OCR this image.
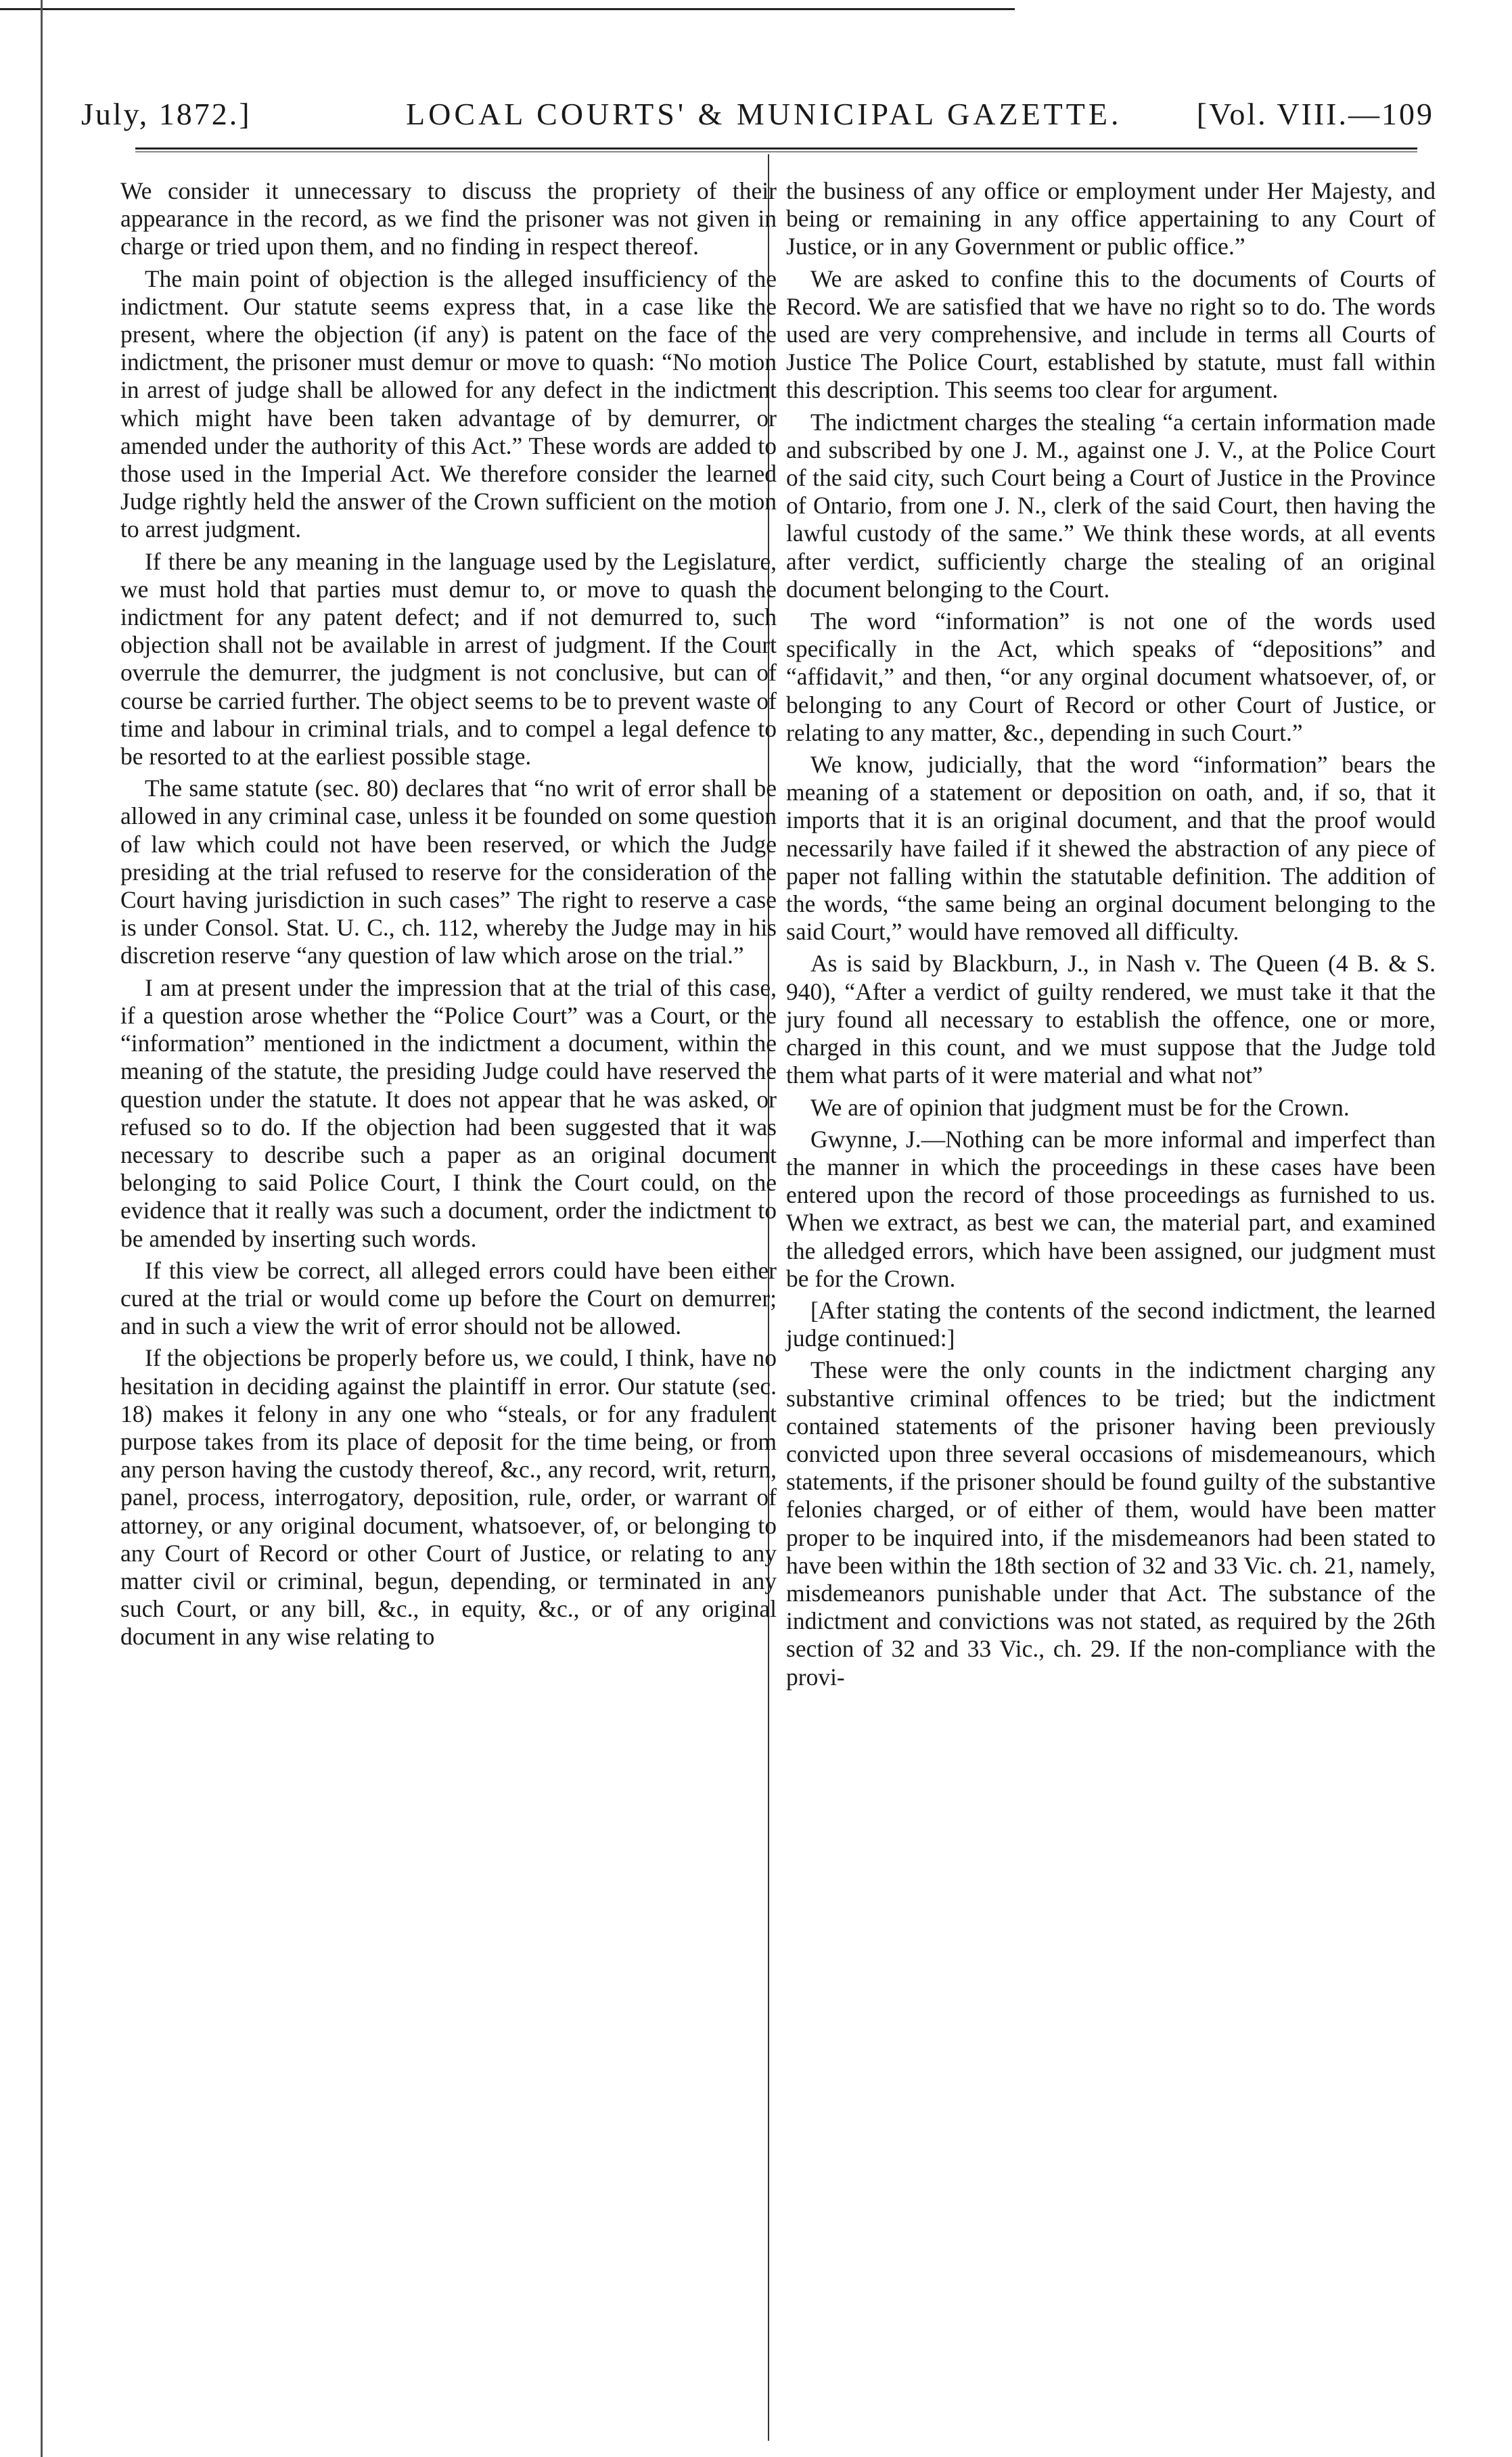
July, 1872.]	LOCAL COURTS' & MUNICIPAL GAZETTE. [Vol. VIII.—109

We consider it unnecessary to discuss the propriety of their appearance in the record, as we find the prisoner was not given in charge or tried upon them, and no finding in respect thereof.

The main point of objection is the alleged insufficiency of the indictment. Our statute seems express that, in a case like the present, where the objection (if any) is patent on the face of the indictment, the prisoner must demur or move to quash: “No motion in arrest of judge shall be allowed for any defect in the indictment which might have been taken advantage of by demurrer, or amended under the authority of this Act.” These words are added to those used in the Imperial Act. We therefore consider the learned Judge rightly held the answer of the Crown sufficient on the motion to arrest judgment.

If there be any meaning in the language used by the Legislature, we must hold that parties must demur to, or move to quash the indictment for any patent defect; and if not demurred to, such objection shall not be available in arrest of judgment. If the Court overrule the demurrer, the judgment is not conclusive, but can of course be carried further. The object seems to be to prevent waste of time and labour in criminal trials, and to compel a legal defence to be resorted to at the earliest possible stage.

The same statute (sec. 80) declares that “no writ of error shall be allowed in any criminal case, unless it be founded on some question of law which could not have been reserved, or which the Judge presiding at the trial refused to reserve for the consideration of the Court having jurisdiction in such cases” The right to reserve a case is under Consol. Stat. U. C., ch. 112, whereby the Judge may in his discretion reserve “any question of law which arose on the trial.”

I am at present under the impression that at the trial of this case, if a question arose whether the “Police Court” was a Court, or the “information” mentioned in the indictment a document, within the meaning of the statute, the presiding Judge could have reserved the question under the statute. It does not appear that he was asked, or refused so to do. If the objection had been suggested that it was necessary to describe such a paper as an original document belonging to said Police Court, I think the Court could, on the evidence that it really was such a document, order the indictment to be amended by inserting such words.

If this view be correct, all alleged errors could have been either cured at the trial or would come up before the Court on demurrer; and in such a view the writ of error should not be allowed.

If the objections be properly before us, we could, I think, have no hesitation in deciding against the plaintiff in error. Our statute (sec. 18) makes it felony in any one who “steals, or for any fradulent purpose takes from its place of deposit for the time being, or from any person having the custody thereof, &c., any record, writ, return, panel, process, interrogatory, deposition, rule, order, or warrant of attorney, or any original document, whatsoever, of, or belonging to any Court of Record or other Court of Justice, or relating to any matter civil or criminal, begun, depending, or terminated in any such Court, or any bill, &c., in equity, &c., or of any original document in any wise relating to

the business of any office or employment under Her Majesty, and being or remaining in any office appertaining to any Court of Justice, or in any Government or public office.”

We are asked to confine this to the documents of Courts of Record. We are satisfied that we have no right so to do. The words used are very comprehensive, and include in terms all Courts of Justice The Police Court, established by statute, must fall within this description. This seems too clear for argument.

The indictment charges the stealing “a certain information made and subscribed by one J. M., against one J. V., at the Police Court of the said city, such Court being a Court of Justice in the Province of Ontario, from one J. N., clerk of the said Court, then having the lawful custody of the same.” We think these words, at all events after verdict, sufficiently charge the stealing of an original document belonging to the Court.

The word “information” is not one of the words used specifically in the Act, which speaks of “depositions” and “affidavit,” and then, “or any orginal document whatsoever, of, or belonging to any Court of Record or other Court of Justice, or relating to any matter, &c., depending in such Court.”

We know, judicially, that the word “information” bears the meaning of a statement or deposition on oath, and, if so, that it imports that it is an original document, and that the proof would necessarily have failed if it shewed the abstraction of any piece of paper not falling within the statutable definition. The addition of the words, “the same being an orginal document belonging to the said Court,” would have removed all difficulty.

As is said by Blackburn, J., in Nash v. The Queen (4 B. & S. 940), “After a verdict of guilty rendered, we must take it that the jury found all necessary to establish the offence, one or more, charged in this count, and we must suppose that the Judge told them what parts of it were material and what not”

We are of opinion that judgment must be for the Crown.

Gwynne, J.—Nothing can be more informal and imperfect than the manner in which the proceedings in these cases have been entered upon the record of those proceedings as furnished to us. When we extract, as best we can, the material part, and examined the alledged errors, which have been assigned, our judgment must be for the Crown.

[After stating the contents of the second indictment, the learned judge continued:]

These were the only counts in the indictment charging any substantive criminal offences to be tried; but the indictment contained statements of the prisoner having been previously convicted upon three several occasions of misdemeanours, which statements, if the prisoner should be found guilty of the substantive felonies charged, or of either of them, would have been matter proper to be inquired into, if the misdemeanors had been stated to have been within the 18th section of 32 and 33 Vic. ch. 21, namely, misdemeanors punishable under that Act. The substance of the indictment and convictions was not stated, as required by the 26th section of 32 and 33 Vic., ch. 29. If the non-compliance with the provi-
